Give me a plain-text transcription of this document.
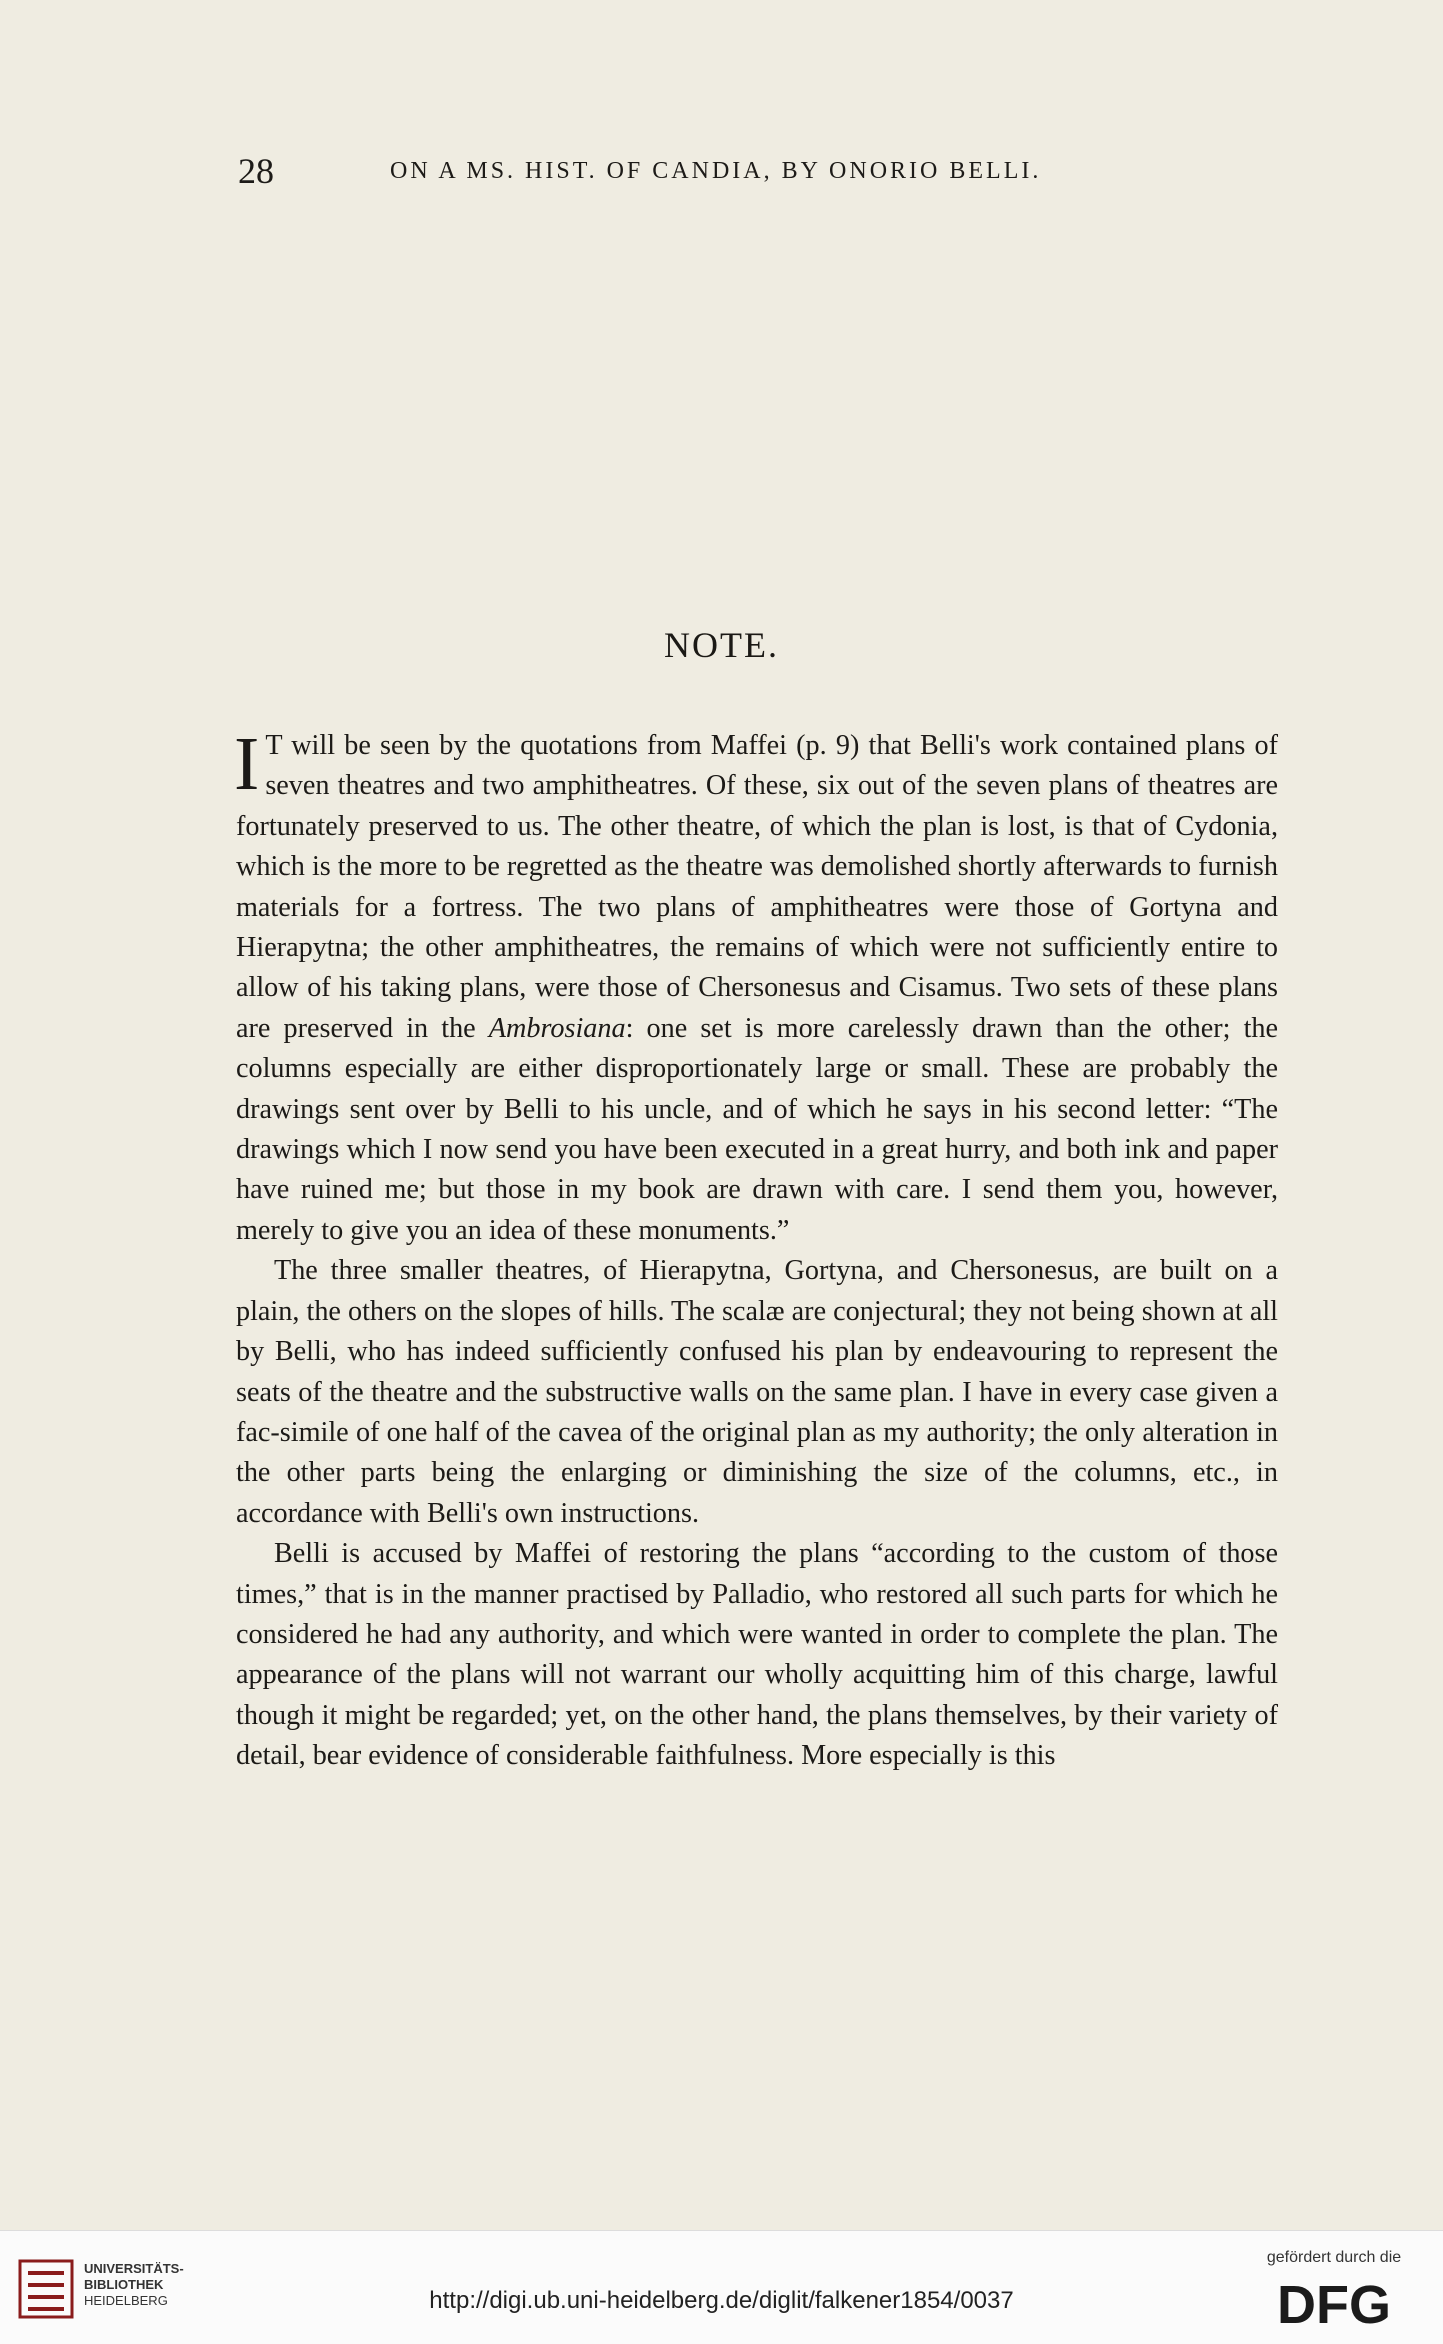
28	ON A MS. HIST. OF CANDIA, BY ONORIO BELLI.
NOTE.

I T will be seen by the quotations from Maffei (p. 9) that Belli's work contained plans of seven theatres and two amphitheatres. Of these, six out of the seven plans of theatres are fortunately preserved to us. The other theatre, of which the plan is lost, is that of Cydonia, which is the more to be regretted as the theatre was demolished shortly afterwards to furnish materials for a fortress. The two plans of amphitheatres were those of Gortyna and Hierapytna; the other amphitheatres, the remains of which were not sufficiently entire to allow of his taking plans, were those of Chersonesus and Cisamus. Two sets of these plans are preserved in the Ambrosiana: one set is more carelessly drawn than the other; the columns especially are either disproportionately large or small. These are probably the drawings sent over by Belli to his uncle, and of which he says in his second letter: “The drawings which I now send you have been executed in a great hurry, and both ink and paper have ruined me; but those in my book are drawn with care. I send them you, however, merely to give you an idea of these monuments.”

The three smaller theatres, of Hierapytna, Gortyna, and Chersonesus, are built on a plain, the others on the slopes of hills. The scalæ are conjectural; they not being shown at all by Belli, who has indeed sufficiently confused his plan by endeavouring to represent the seats of the theatre and the substructive walls on the same plan. I have in every case given a fac-simile of one half of the cavea of the original plan as my authority; the only alteration in the other parts being the enlarging or diminishing the size of the columns, etc., in accordance with Belli's own instructions.

Belli is accused by Maffei of restoring the plans “according to the custom of those times,” that is in the manner practised by Palladio, who restored all such parts for which he considered he had any authority, and which were wanted in order to complete the plan. The appearance of the plans will not warrant our wholly acquitting him of this charge, lawful though it might be regarded; yet, on the other hand, the plans themselves, by their variety of detail, bear evidence of considerable faithfulness. More especially is this

UNIVERSITÄTS-
BIBLIOTHEK
HEIDELBERG	http://digi.ub.uni-heidelberg.de/diglit/falkener1854/0037
gefördert durch die
DFG
